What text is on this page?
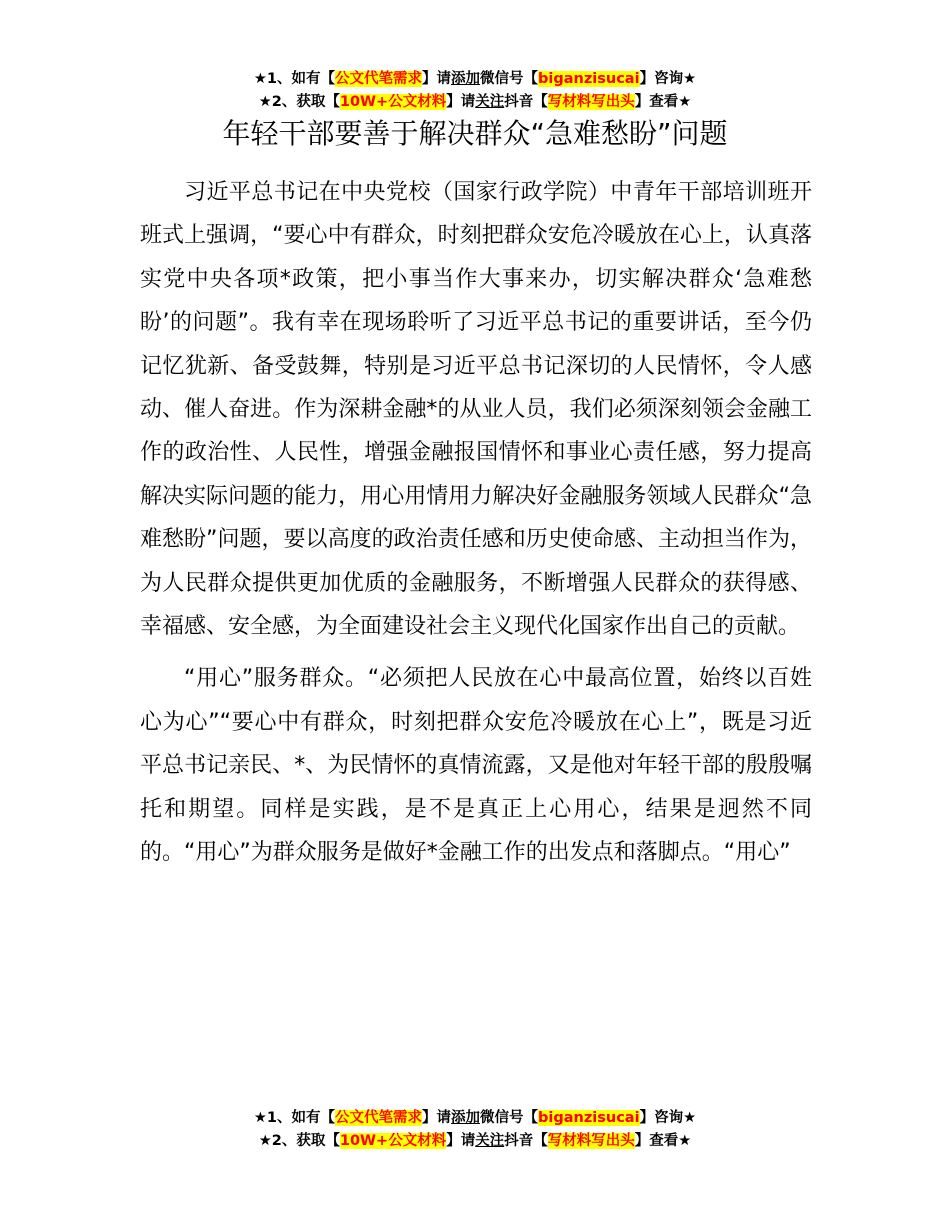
★1、如有【公文代笔需求】请添加微信号【biganzisucai】咨询★
★2、获取【10W+公文材料】请关注抖音【写材料写出头】查看★
年轻干部要善于解决群众“急难愁盼”问题

习近平总书记在中央党校（国家行政学院）中青年干部培训班开班式上强调，“要心中有群众，时刻把群众安危冷暖放在心上，认真落实党中央各项*政策，把小事当作大事来办，切实解决群众‘急难愁盼’的问题”。我有幸在现场聆听了习近平总书记的重要讲话，至今仍记忆犹新、备受鼓舞，特别是习近平总书记深切的人民情怀，令人感动、催人奋进。作为深耕金融*的从业人员，我们必须深刻领会金融工作的政治性、人民性，增强金融报国情怀和事业心责任感，努力提高解决实际问题的能力，用心用情用力解决好金融服务领域人民群众“急难愁盼”问题，要以高度的政治责任感和历史使命感、主动担当作为，为人民群众提供更加优质的金融服务，不断增强人民群众的获得感、幸福感、安全感，为全面建设社会主义现代化国家作出自己的贡献。

“用心”服务群众。“必须把人民放在心中最高位置，始终以百姓心为心”“要心中有群众，时刻把群众安危冷暖放在心上”，既是习近平总书记亲民、*、为民情怀的真情流露，又是他对年轻干部的殷殷嘱托和期望。同样是实践，是不是真正上心用心，结果是迥然不同的。“用心”为群众服务是做好*金融工作的出发点和落脚点。“用心”

★1、如有【公文代笔需求】请添加微信号【biganzisucai】咨询★
★2、获取【10W+公文材料】请关注抖音【写材料写出头】查看★
